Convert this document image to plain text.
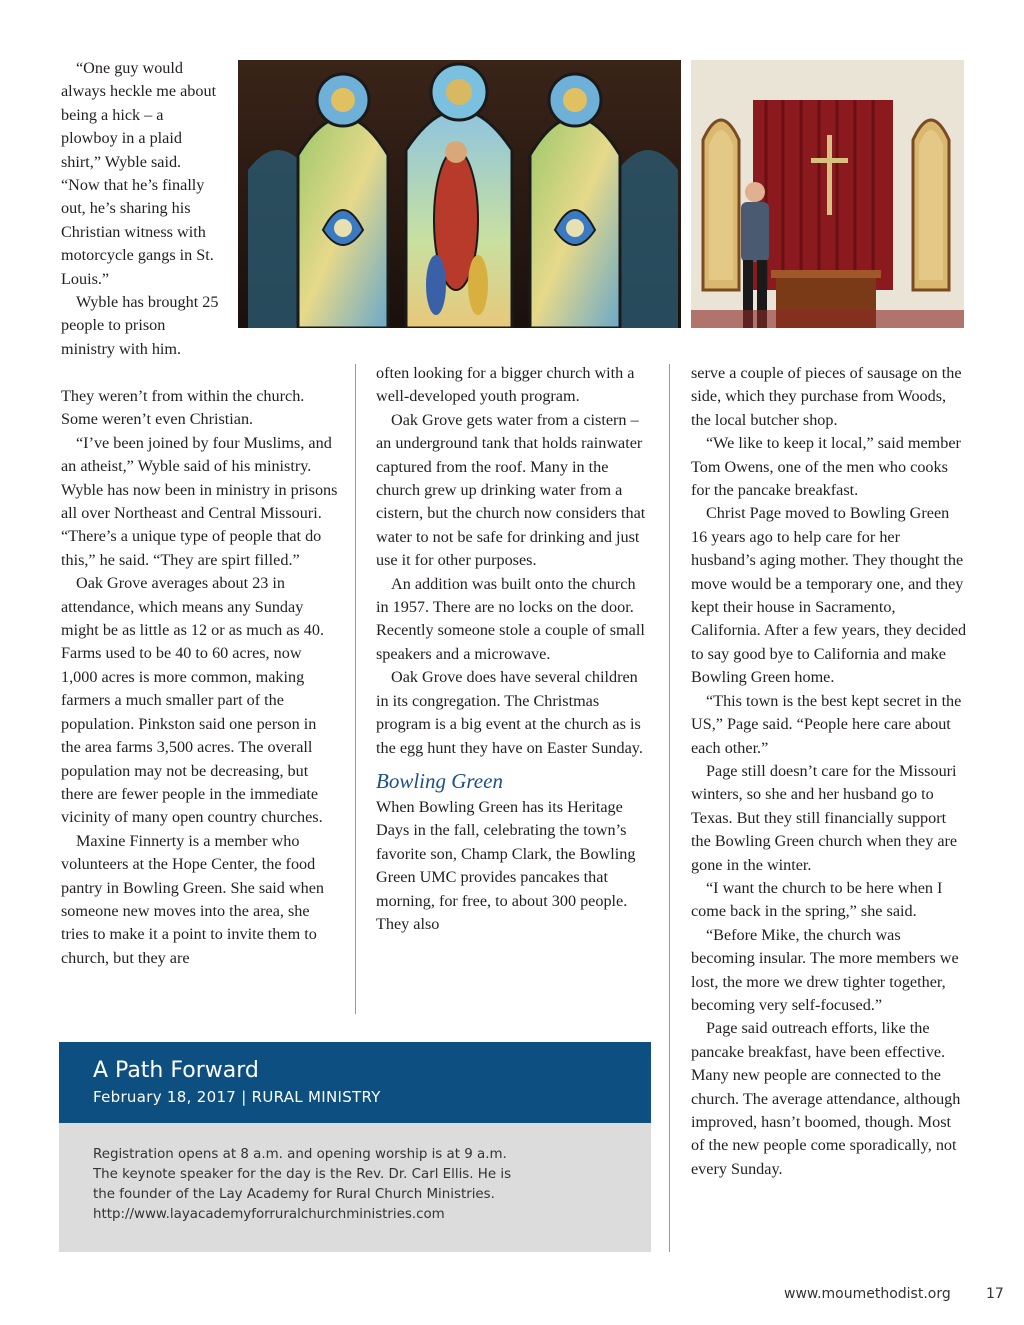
“One guy would always heckle me about being a hick – a plowboy in a plaid shirt,” Wyble said. “Now that he’s finally out, he’s sharing his Christian witness with motorcycle gangs in St. Louis.”

Wyble has brought 25 people to prison ministry with him.

They weren’t from within the church. Some weren’t even Christian.

“I’ve been joined by four Muslims, and an atheist,” Wyble said of his ministry. Wyble has now been in ministry in prisons all over Northeast and Central Missouri. “There’s a unique type of people that do this,” he said. “They are spirt filled.”

Oak Grove averages about 23 in attendance, which means any Sunday might be as little as 12 or as much as 40. Farms used to be 40 to 60 acres, now 1,000 acres is more common, making farmers a much smaller part of the population. Pinkston said one person in the area farms 3,500 acres. The overall population may not be decreasing, but there are fewer people in the immediate vicinity of many open country churches.

Maxine Finnerty is a member who volunteers at the Hope Center, the food pantry in Bowling Green. She said when someone new moves into the area, she tries to make it a point to invite them to church, but they are

often looking for a bigger church with a well-developed youth program.

Oak Grove gets water from a cistern – an underground tank that holds rainwater captured from the roof. Many in the church grew up drinking water from a cistern, but the church now considers that water to not be safe for drinking and just use it for other purposes.

An addition was built onto the church in 1957. There are no locks on the door. Recently someone stole a couple of small speakers and a microwave.

Oak Grove does have several children in its congregation. The Christmas program is a big event at the church as is the egg hunt they have on Easter Sunday.

Bowling Green

When Bowling Green has its Heritage Days in the fall, celebrating the town’s favorite son, Champ Clark, the Bowling Green UMC provides pancakes that morning, for free, to about 300 people. They also

serve a couple of pieces of sausage on the side, which they purchase from Woods, the local butcher shop.

“We like to keep it local,” said member Tom Owens, one of the men who cooks for the pancake breakfast.

Christ Page moved to Bowling Green 16 years ago to help care for her husband’s aging mother. They thought the move would be a temporary one, and they kept their house in Sacramento, California. After a few years, they decided to say good bye to California and make Bowling Green home.

“This town is the best kept secret in the US,” Page said. “People here care about each other.”

Page still doesn’t care for the Missouri winters, so she and her husband go to Texas. But they still financially support the Bowling Green church when they are gone in the winter.

“I want the church to be here when I come back in the spring,” she said.

“Before Mike, the church was becoming insular. The more members we lost, the more we drew tighter together, becoming very self-focused.”

Page said outreach efforts, like the pancake breakfast, have been effective. Many new people are connected to the church. The average attendance, although improved, hasn’t boomed, though. Most of the new people come sporadically, not every Sunday.

A Path Forward
February 18, 2017 | RURAL MINISTRY
Registration opens at 8 a.m. and opening worship is at 9 a.m.
The keynote speaker for the day is the Rev. Dr. Carl Ellis. He is
the founder of the Lay Academy for Rural Church Ministries.
http://www.layacademyforruralchurchministries.com
www.moumethodist.org	17
